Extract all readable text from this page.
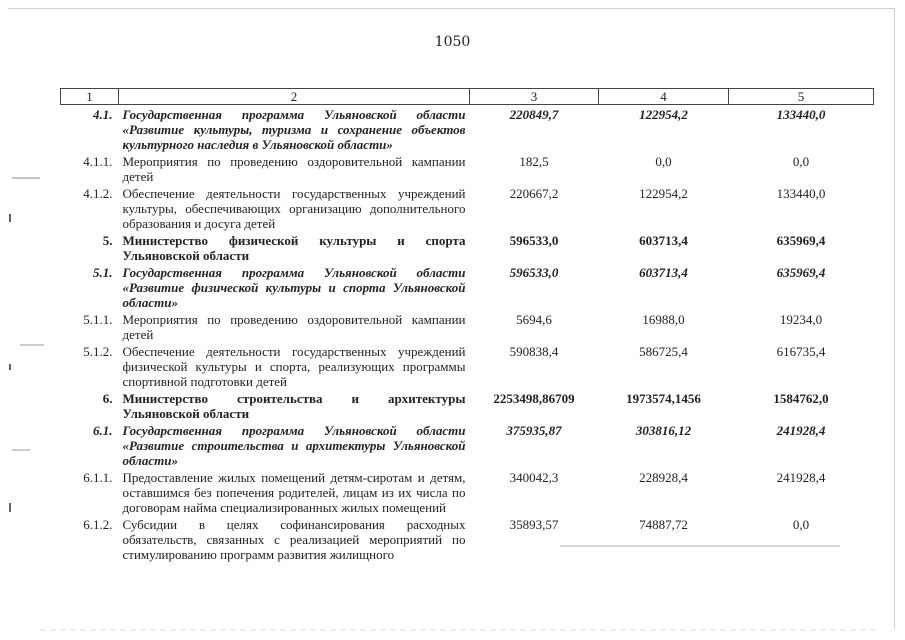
1050
1	2	3	4	5
4.1.	Государственная программа Ульяновской области «Развитие культуры, туризма и сохранение объектов культурного наследия в Ульяновской области»	220849,7	122954,2	133440,0
4.1.1.	Мероприятия по проведению оздоровительной кампании детей	182,5	0,0	0,0
4.1.2.	Обеспечение деятельности государственных учреждений культуры, обеспечивающих организацию дополнительного образования и досуга детей	220667,2	122954,2	133440,0
5.	Министерство физической культуры и спорта Ульяновской области	596533,0	603713,4	635969,4
5.1.	Государственная программа Ульяновской области «Развитие физической культуры и спорта Ульяновской области»	596533,0	603713,4	635969,4
5.1.1.	Мероприятия по проведению оздоровительной кампании детей	5694,6	16988,0	19234,0
5.1.2.	Обеспечение деятельности государственных учреждений физической культуры и спорта, реализующих программы спортивной подготовки детей	590838,4	586725,4	616735,4
6.	Министерство строительства и архитектуры Ульяновской области	2253498,86709	1973574,1456	1584762,0
6.1.	Государственная программа Ульяновской области «Развитие строительства и архитектуры Ульяновской области»	375935,87	303816,12	241928,4
6.1.1.	Предоставление жилых помещений детям-сиротам и детям, оставшимся без попечения родителей, лицам из их числа по договорам найма специализированных жилых помещений	340042,3	228928,4	241928,4
6.1.2.	Субсидии в целях софинансирования расходных обязательств, связанных с реализацией мероприятий по стимулированию программ развития жилищного	35893,57	74887,72	0,0
